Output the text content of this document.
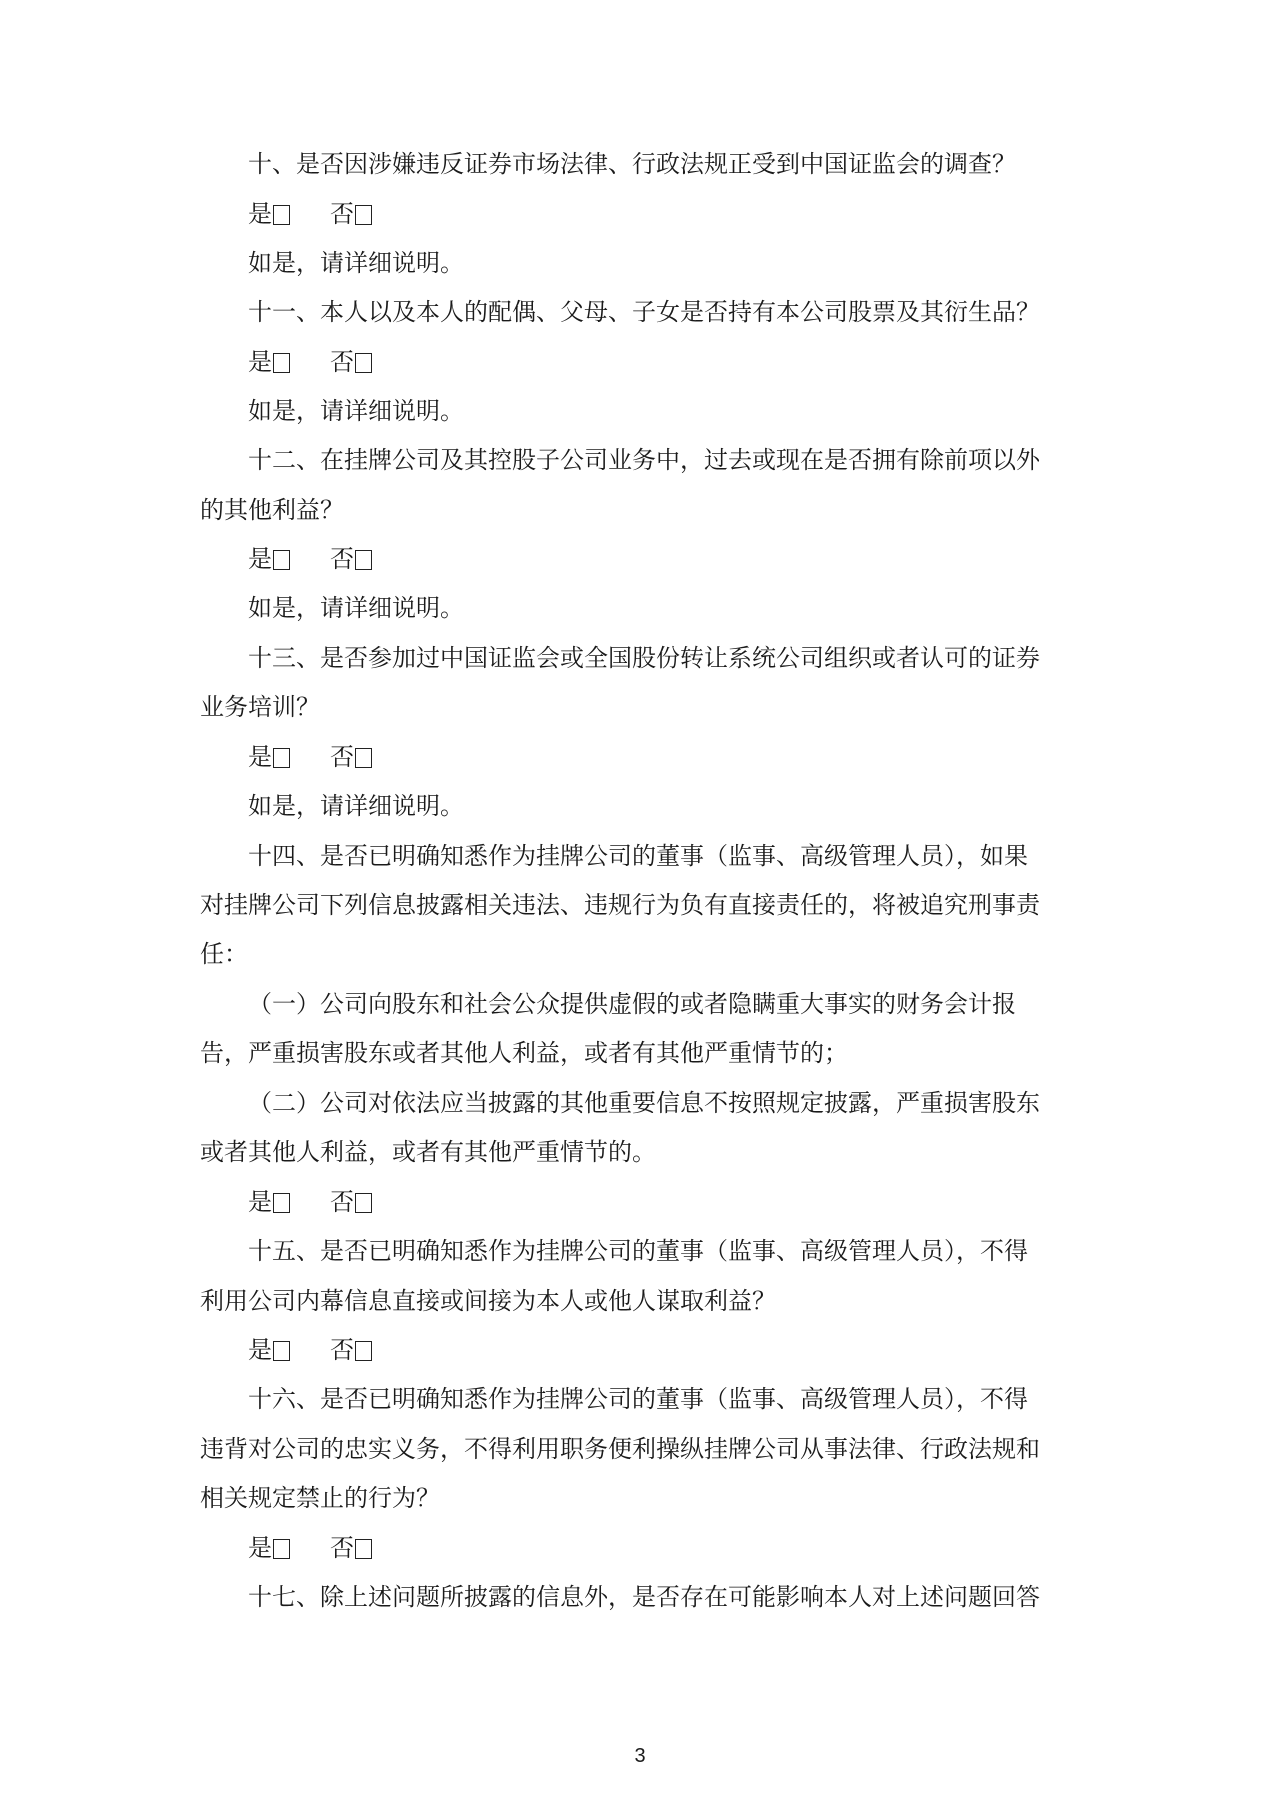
十、是否因涉嫌违反证券市场法律、行政法规正受到中国证监会的调查？
是 否
如是，请详细说明。
十一、本人以及本人的配偶、父母、子女是否持有本公司股票及其衍生品？
是 否
如是，请详细说明。
十二、在挂牌公司及其控股子公司业务中，过去或现在是否拥有除前项以外
的其他利益？
是 否
如是，请详细说明。
十三、是否参加过中国证监会或全国股份转让系统公司组织或者认可的证券
业务培训？
是 否
如是，请详细说明。
十四、是否已明确知悉作为挂牌公司的董事（监事、高级管理人员），如果
对挂牌公司下列信息披露相关违法、违规行为负有直接责任的，将被追究刑事责
任：
（一）公司向股东和社会公众提供虚假的或者隐瞒重大事实的财务会计报
告，严重损害股东或者其他人利益，或者有其他严重情节的；
（二）公司对依法应当披露的其他重要信息不按照规定披露，严重损害股东
或者其他人利益，或者有其他严重情节的。
是 否
十五、是否已明确知悉作为挂牌公司的董事（监事、高级管理人员），不得
利用公司内幕信息直接或间接为本人或他人谋取利益？
是 否
十六、是否已明确知悉作为挂牌公司的董事（监事、高级管理人员），不得
违背对公司的忠实义务，不得利用职务便利操纵挂牌公司从事法律、行政法规和
相关规定禁止的行为？
是 否
十七、除上述问题所披露的信息外，是否存在可能影响本人对上述问题回答
3
